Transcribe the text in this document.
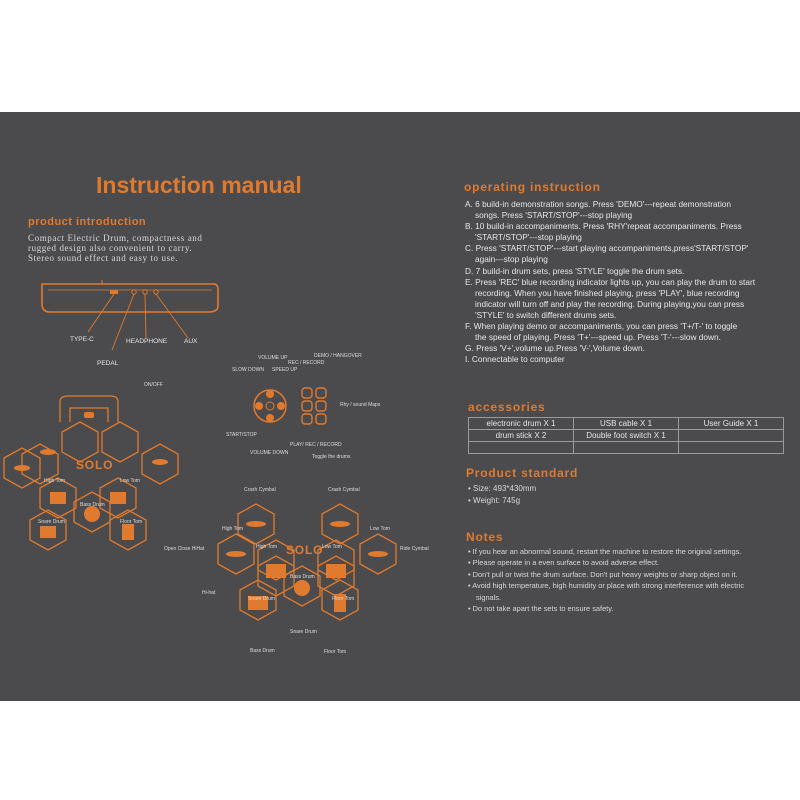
Instruction manual
product introduction
Compact Electric Drum, compactness and
rugged design also convenient to carry.
Stereo sound effect and easy to use.
TYPE-C
PEDAL
HEADPHONE	AUX
VOLUME UP	DEMO / HANGOVER
REC / RECORD
SLOW DOWN SPEED UP
Rhy / sound Maps
START/STOP
PLAY/ REC / RECORD
VOLUME DOWN
Toggle the drums
ON/OFF
SOLO
High Tom	Low Tom
Bass Drum
Snare Drum	Floor Tom
Crash Cymbal	Crash Cymbal
Open Close HiHat	Ride Cymbal
High Tom	Low Tom
Hi-hat
Bass Drum
Snare Drum	Floor Tom
High Tom	Low Tom
Bass Drum
Snare Drum
Floor Tom
SOLO
operating instruction
A. 6 build-in demonstration songs. Press 'DEMO'---repeat demonstration
songs. Press 'START/STOP'---stop playing
B. 10 build-in accompaniments. Press 'RHY'repeat accompaniments. Press
'START/STOP'---stop playing
C. Press 'START/STOP'---start playing accompaniments,press'START/STOP'
again---stop playing
D. 7 build-in drum sets, press 'STYLE' toggle the drum sets.
E. Press 'REC' blue recording indicator lights up, you can play the drum to start
recording. When you have finished playing, press 'PLAY', blue recording
indicator will turn off and play the recording. During playing,you can press
'STYLE' to switch different drums sets.
F. When playing demo or accompaniments, you can press 'T+/T-' to toggle
the speed of playing. Press 'T+'---speed up. Press 'T-'---slow down.
G. Press 'V+',volume up.Press 'V-',Volume down.
I. Connectable to computer
accessories
electronic drum X 1	USB cable X 1	User Guide X 1
drum stick X 2	Double foot switch X 1	

Product standard
• Size: 493*430mm
• Weight: 745g
Notes
• If you hear an abnormal sound, restart the machine to restore the original settings.
• Please operate in a even surface to avoid adverse effect.
• Don't pull or twist the drum surface. Don't put heavy weights or sharp object on it.
• Avoid high temperature, high humidity or place with strong interference with electric
signals.
• Do not take apart the sets to ensure safety.
